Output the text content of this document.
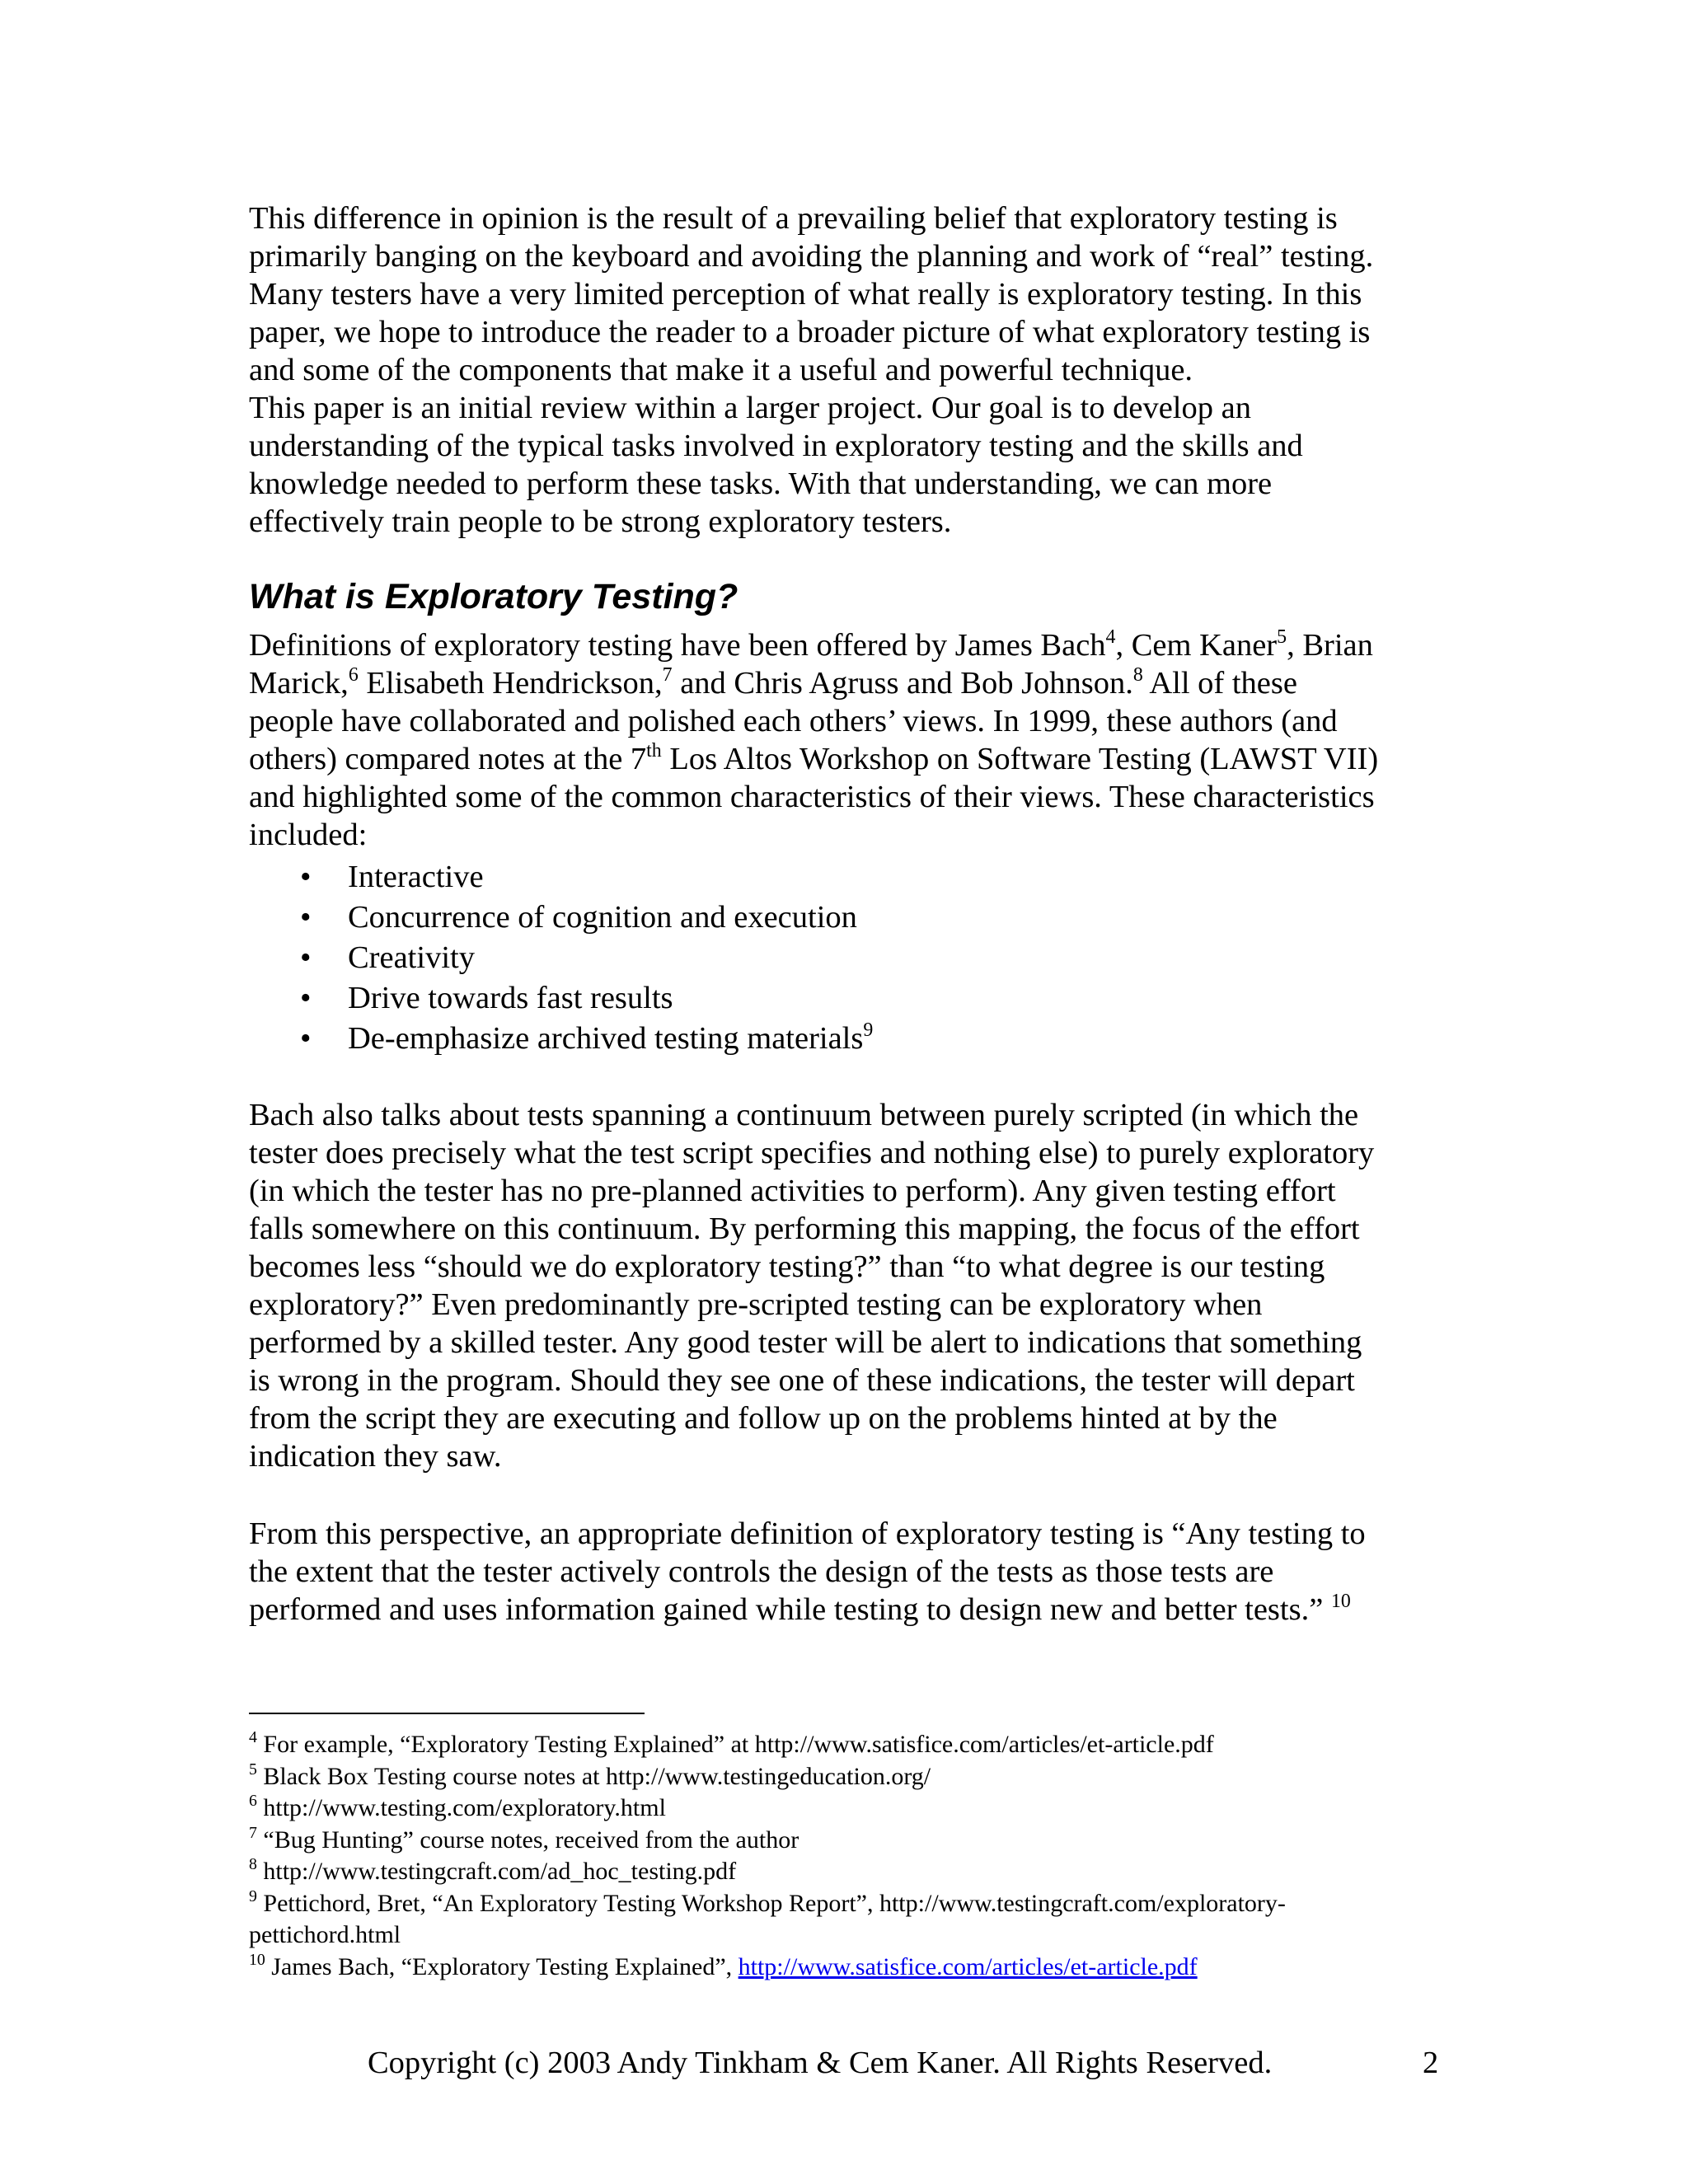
This difference in opinion is the result of a prevailing belief that exploratory testing is
primarily banging on the keyboard and avoiding the planning and work of “real” testing.
Many testers have a very limited perception of what really is exploratory testing. In this
paper, we hope to introduce the reader to a broader picture of what exploratory testing is
and some of the components that make it a useful and powerful technique.

This paper is an initial review within a larger project. Our goal is to develop an
understanding of the typical tasks involved in exploratory testing and the skills and
knowledge needed to perform these tasks. With that understanding, we can more
effectively train people to be strong exploratory testers.

What is Exploratory Testing?

Definitions of exploratory testing have been offered by James Bach$^4$, Cem Kaner$^5$, Brian
Marick,$^6$ Elisabeth Hendrickson,$^7$ and Chris Agruss and Bob Johnson.$^8$ All of these
people have collaborated and polished each others’ views. In 1999, these authors (and
others) compared notes at the 7th Los Altos Workshop on Software Testing (LAWST VII)
and highlighted some of the common characteristics of their views. These characteristics
included:

• Interactive
• Concurrence of cognition and execution
• Creativity
• Drive towards fast results
• De-emphasize archived testing materials$^9$

Bach also talks about tests spanning a continuum between purely scripted (in which the
tester does precisely what the test script specifies and nothing else) to purely exploratory
(in which the tester has no pre-planned activities to perform). Any given testing effort
falls somewhere on this continuum. By performing this mapping, the focus of the effort
becomes less “should we do exploratory testing?” than “to what degree is our testing
exploratory?” Even predominantly pre-scripted testing can be exploratory when
performed by a skilled tester. Any good tester will be alert to indications that something
is wrong in the program. Should they see one of these indications, the tester will depart
from the script they are executing and follow up on the problems hinted at by the
indication they saw.

From this perspective, an appropriate definition of exploratory testing is “Any testing to
the extent that the tester actively controls the design of the tests as those tests are
performed and uses information gained while testing to design new and better tests.” $^{10}$

$^4$ For example, “Exploratory Testing Explained” at http://www.satisfice.com/articles/et-article.pdf
$^5$ Black Box Testing course notes at http://www.testingeducation.org/
$^6$ http://www.testing.com/exploratory.html
$^7$ “Bug Hunting” course notes, received from the author
$^8$ http://www.testingcraft.com/ad_hoc_testing.pdf
$^9$ Pettichord, Bret, “An Exploratory Testing Workshop Report”, http://www.testingcraft.com/exploratory-
pettichord.html
$^{10}$ James Bach, “Exploratory Testing Explained”, http://www.satisfice.com/articles/et-article.pdf
Copyright (c) 2003 Andy Tinkham & Cem Kaner. All Rights Reserved.	2
